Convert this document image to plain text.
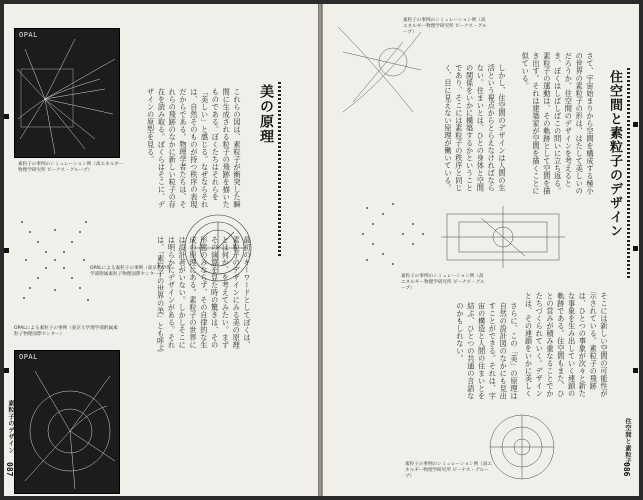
OPAL
素粒子の事例のシミュレーション例（高エネルギー物理学研究所 ビーナス・グループ）	これらの図は、素粒子が衝突した瞬間に生成される粒子の飛跡を描いたものである。ぼくたちはそれらを「美しい」と感じる。なぜならそれは、自然そのものが持つ秩序の表現だからである。物理学者たちは、それらの飛跡のなかに新しい粒子の存在を読み取る。ぼくらはそこに、デザインの原型を見る。
最初のキーワードとしてぼくは、素粒子のデザインにみる美の原理とは何か、を考えてみたい。まずその演算を見た時の驚きは、その形態のみならず、その自律的な生成の原理にある。素粒子の世界には設計者がいない。しかしそこには明らかにデザインがある。それは、「素粒子の世界の美」とも呼ぶ
美の原理
OPALによる素粒子の事例（東京大学理学部附属素粒子物理国際センター）
OPAL
OPALによる素粒子の事例（東京大学理学部附属素粒子物理国際センター）
素粒子のデザイン
087
素粒子の事例のシミュレーション例（高エネルギー物理学研究所 ビーナス・グループ）
さて、宇宙始まりから空間を構成する極小の世界の素粒子の形は、はたして美しいのだろうか。住空間のデザインを考えるとき、ぼくはしばしばこの問いに立ち返る。素粒子の運動は、その軌跡として空間を描き出す。それは建築家が空間を描くことに似ている。
しかし、住空間のデザインは人間の生活という視点からとらえなければならない。住まいとは、ひとの身体と空間の関係をいかに構築するかということであり、そこには素粒子の秩序と同じく、目に見えない原理が働いている。	住空間と素粒子のデザイン
素粒子の事例のシミュレーション例（高エネルギー物理学研究所 ビーナス・グループ）
そこには新しい空間の可能性が示されている。素粒子の飛跡は、ひとつの事象が次々と新たな事象を生み出していく連鎖の軌跡である。住空間もまた、ひとの営みが積み重なることでかたちづくられていく。デザインとは、その連鎖をいかに美しく
さらに、この「美」の原理は自然の設計図のなかにも見出すことができる。それは、宇宙の構造と人間の住まいとを結ぶ、ひとつの共通の言語なのかもしれない。
素粒子の事例のシミュレーション例（高エネルギー物理学研究所 ビーナス・グループ）
住空間と素粒子
086
